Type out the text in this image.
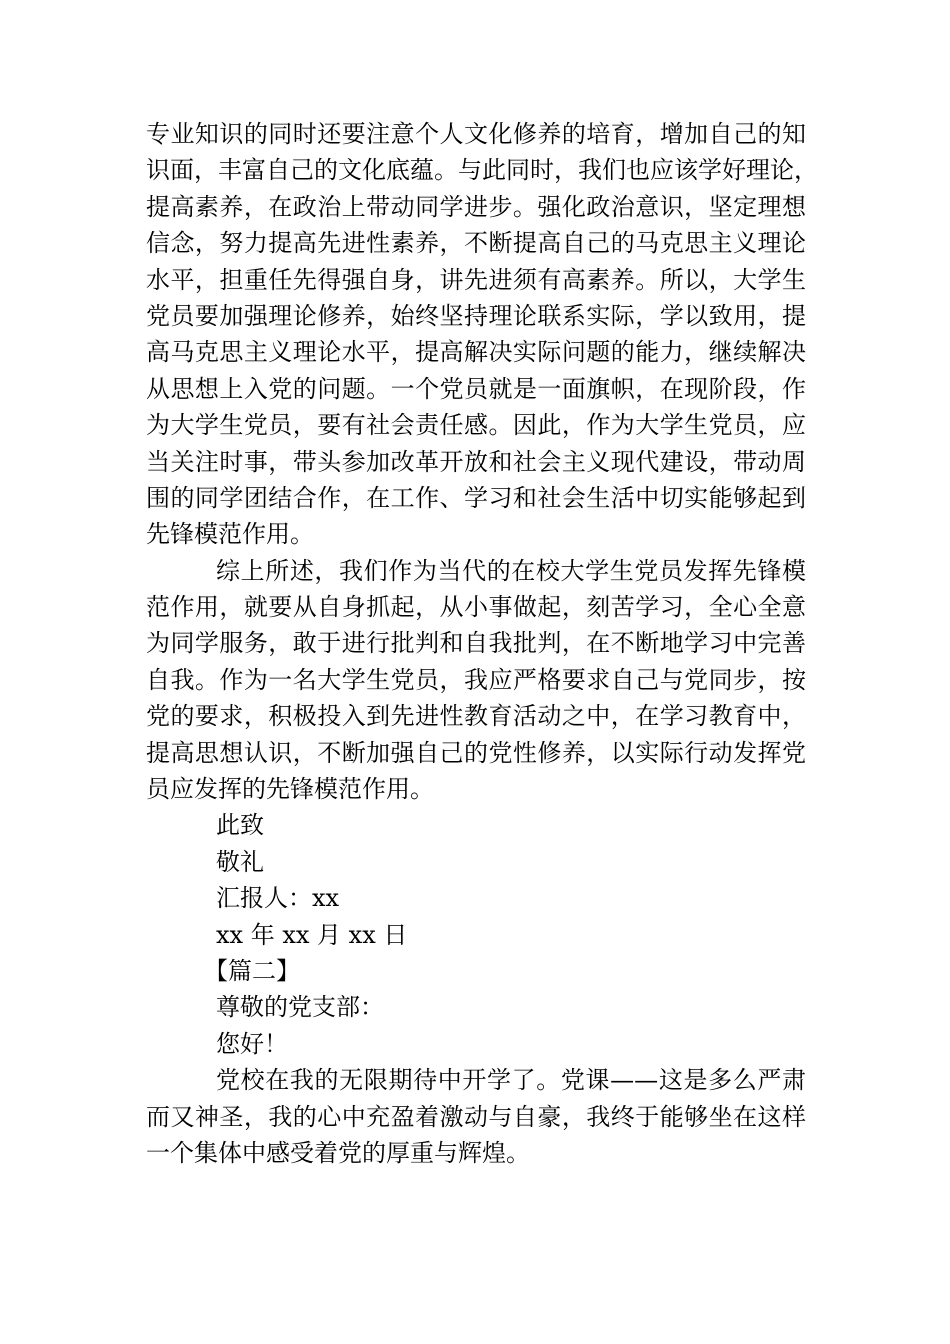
专业知识的同时还要注意个人文化修养的培育，增加自己的知
识面，丰富自己的文化底蕴。与此同时，我们也应该学好理论，
提高素养，在政治上带动同学进步。强化政治意识，坚定理想
信念，努力提高先进性素养，不断提高自己的马克思主义理论
水平，担重任先得强自身，讲先进须有高素养。所以，大学生
党员要加强理论修养，始终坚持理论联系实际，学以致用，提
高马克思主义理论水平，提高解决实际问题的能力，继续解决
从思想上入党的问题。一个党员就是一面旗帜，在现阶段，作
为大学生党员，要有社会责任感。因此，作为大学生党员，应
当关注时事，带头参加改革开放和社会主义现代建设，带动周
围的同学团结合作，在工作、学习和社会生活中切实能够起到
先锋模范作用。
综上所述，我们作为当代的在校大学生党员发挥先锋模
范作用，就要从自身抓起，从小事做起，刻苦学习，全心全意
为同学服务，敢于进行批判和自我批判，在不断地学习中完善
自我。作为一名大学生党员，我应严格要求自己与党同步，按
党的要求，积极投入到先进性教育活动之中，在学习教育中，
提高思想认识，不断加强自己的党性修养，以实际行动发挥党
员应发挥的先锋模范作用。
此致
敬礼
汇报人：xx
xx 年 xx 月 xx 日
【篇二】
尊敬的党支部：
您好！
党校在我的无限期待中开学了。党课——这是多么严肃
而又神圣，我的心中充盈着激动与自豪，我终于能够坐在这样
一个集体中感受着党的厚重与辉煌。
